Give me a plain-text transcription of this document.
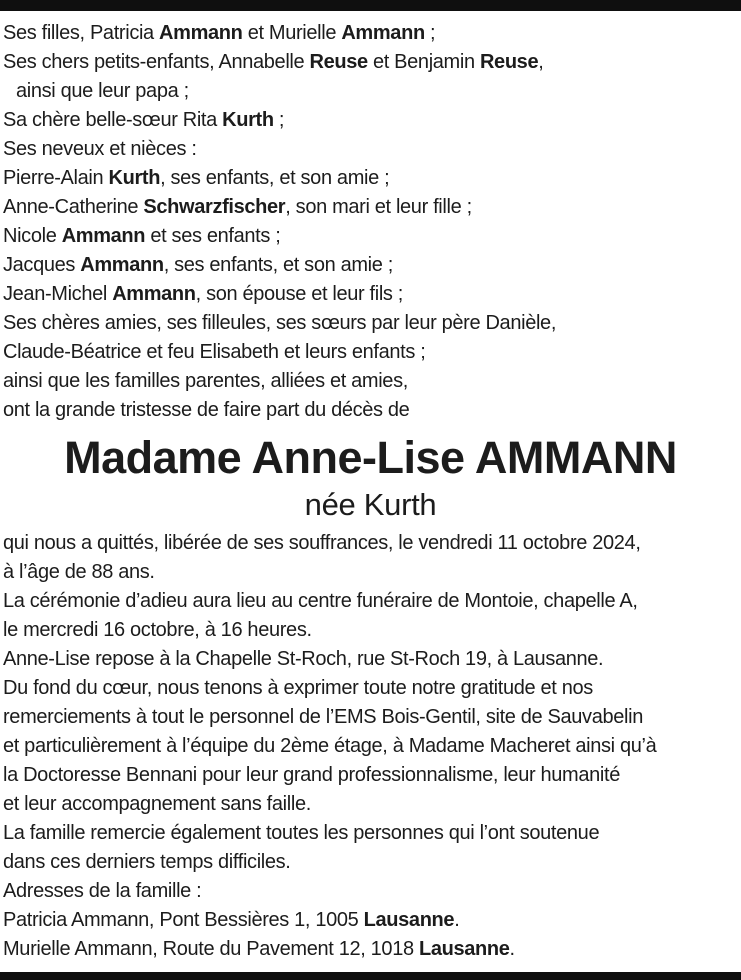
Ses filles, Patricia Ammann et Murielle Ammann ;
Ses chers petits-enfants, Annabelle Reuse et Benjamin Reuse,
ainsi que leur papa ;
Sa chère belle-sœur Rita Kurth ;
Ses neveux et nièces :
Pierre-Alain Kurth, ses enfants, et son amie ;
Anne-Catherine Schwarzfischer, son mari et leur fille ;
Nicole Ammann et ses enfants ;
Jacques Ammann, ses enfants, et son amie ;
Jean-Michel Ammann, son épouse et leur fils ;
Ses chères amies, ses filleules, ses sœurs par leur père Danièle,
Claude-Béatrice et feu Elisabeth et leurs enfants ;
ainsi que les familles parentes, alliées et amies,
ont la grande tristesse de faire part du décès de
Madame Anne-Lise AMMANN
née Kurth
qui nous a quittés, libérée de ses souffrances, le vendredi 11 octobre 2024,
à l’âge de 88 ans.
La cérémonie d’adieu aura lieu au centre funéraire de Montoie, chapelle A,
le mercredi 16 octobre, à 16 heures.
Anne-Lise repose à la Chapelle St-Roch, rue St-Roch 19, à Lausanne.
Du fond du cœur, nous tenons à exprimer toute notre gratitude et nos
remerciements à tout le personnel de l’EMS Bois-Gentil, site de Sauvabelin
et particulièrement à l’équipe du 2ème étage, à Madame Macheret ainsi qu’à
la Doctoresse Bennani pour leur grand professionnalisme, leur humanité
et leur accompagnement sans faille.
La famille remercie également toutes les personnes qui l’ont soutenue
dans ces derniers temps difficiles.
Adresses de la famille :
Patricia Ammann, Pont Bessières 1, 1005 Lausanne.
Murielle Ammann, Route du Pavement 12, 1018 Lausanne.
